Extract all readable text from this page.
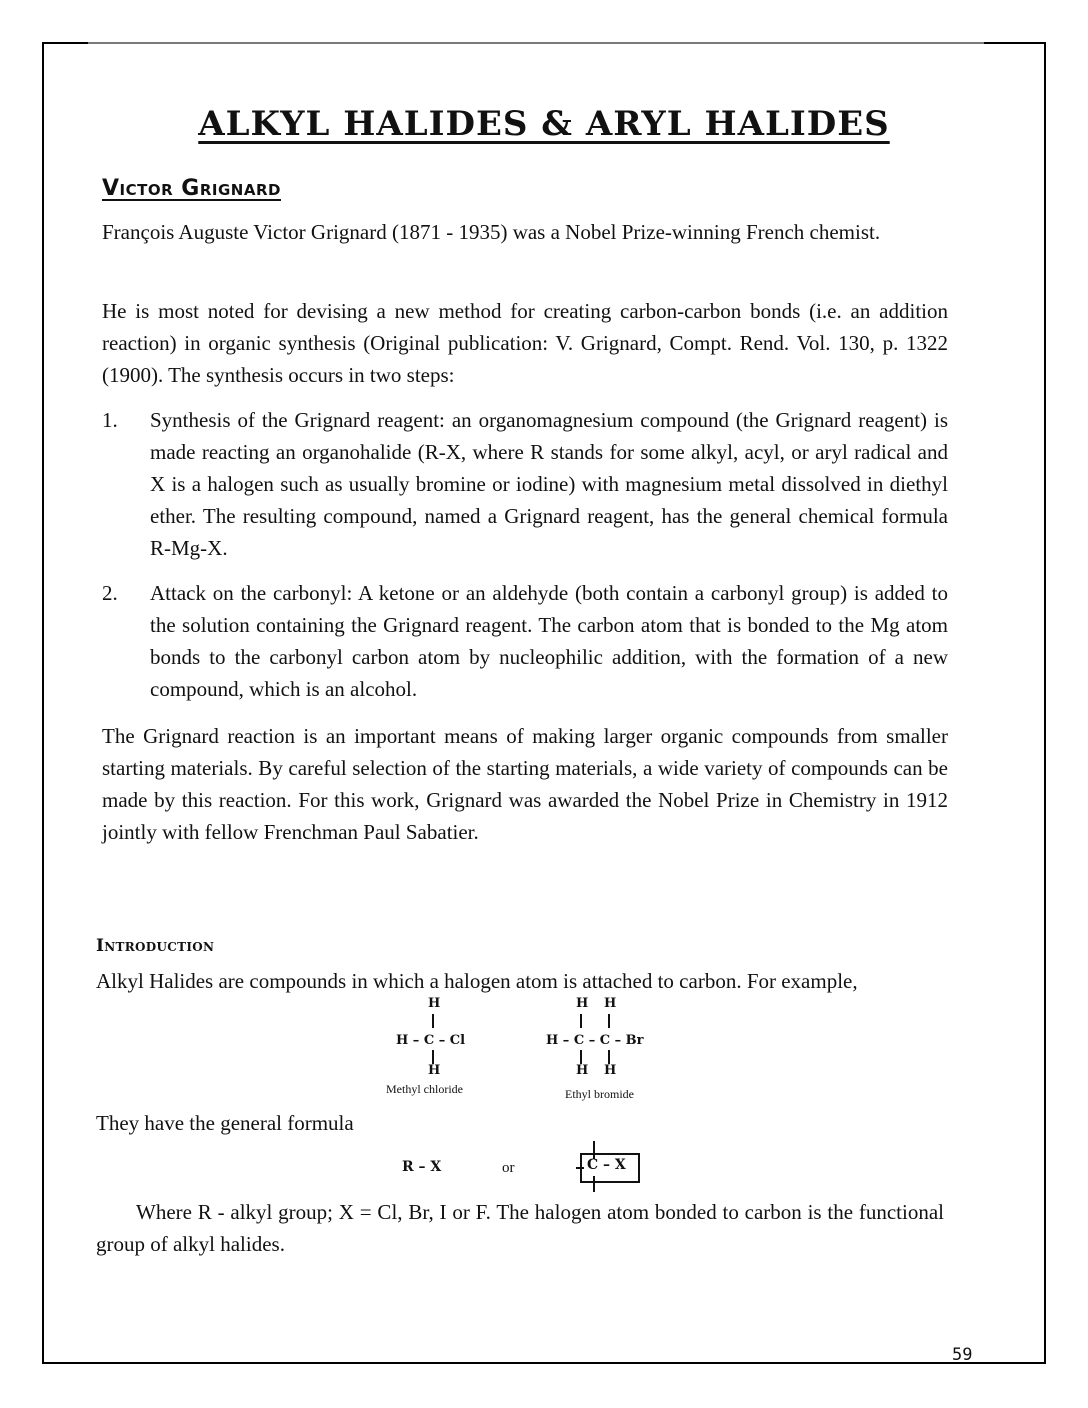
ALKYL HALIDES & ARYL HALIDES
Victor Grignard
François Auguste Victor Grignard (1871 - 1935) was a Nobel Prize-winning French chemist.
He is most noted for devising a new method for creating carbon-carbon bonds (i.e. an addition reaction) in organic synthesis (Original publication: V. Grignard, Compt. Rend. Vol. 130, p. 1322 (1900). The synthesis occurs in two steps:
1. Synthesis of the Grignard reagent: an organomagnesium compound (the Grignard reagent) is made reacting an organohalide (R-X, where R stands for some alkyl, acyl, or aryl radical and X is a halogen such as usually bromine or iodine) with magnesium metal dissolved in diethyl ether. The resulting compound, named a Grignard reagent, has the general chemical formula R-Mg-X.
2. Attack on the carbonyl: A ketone or an aldehyde (both contain a carbonyl group) is added to the solution containing the Grignard reagent. The carbon atom that is bonded to the Mg atom bonds to the carbonyl carbon atom by nucleophilic addition, with the formation of a new compound, which is an alcohol.
The Grignard reaction is an important means of making larger organic compounds from smaller starting materials. By careful selection of the starting materials, a wide variety of compounds can be made by this reaction. For this work, Grignard was awarded the Nobel Prize in Chemistry in 1912 jointly with fellow Frenchman Paul Sabatier.
Introduction
Alkyl Halides are compounds in which a halogen atom is attached to carbon. For example,
H
H – C – Cl
H
Methyl chloride
H H
H – C – C – Br
H H
Ethyl bromide
They have the general formula
R – X	or	C – X
Where R - alkyl group; X = Cl, Br, I or F. The halogen atom bonded to carbon is the functional group of alkyl halides.
59
